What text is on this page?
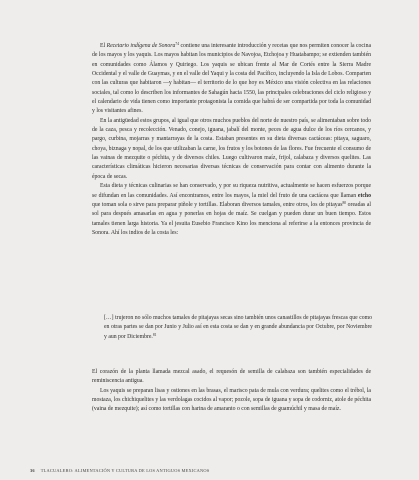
El Recetario indígena de Sonora$^{74}$ contiene una interesante introducción y recetas que nos permiten conocer la cocina de los mayos y los yaquis. Los mayos habitan los municipios de Navojoa, Etchojoa y Huatabampo; se extienden también en comunidades como Álamos y Quiriego. Los yaquis se ubican frente al Mar de Cortés entre la Sierra Madre Occidental y el valle de Guaymas, y en el valle del Yaqui y la costa del Pacífico, incluyendo la Isla de Lobos. Comparten con las culturas que habitaron —y habitan— el territorio de lo que hoy es México una visión colectiva en las relaciones sociales, tal como lo describen los informantes de Sahagún hacia 1550, las principales celebraciones del ciclo religioso y el calendario de vida tienen como importante protagonista la comida que habrá de ser compartida por toda la comunidad y los visitantes afines.

En la antigüedad estos grupos, al igual que otros muchos pueblos del norte de nuestro país, se alimentaban sobre todo de la caza, pesca y recolección. Venado, conejo, iguana, jabalí del monte, peces de agua dulce de los ríos cercanos, y pargo, curbina, mojarras y mantarrayas de la costa. Estaban presentes en su dieta diversas cactáceas: pitaya, saguaro, choya, biznaga y nopal, de los que utilizaban la carne, los frutos y los botones de las flores. Fue frecuente el consumo de las vainas de mezquite o péchita, y de diversos chiles. Luego cultivaron maíz, frijol, calabaza y diversos quelites. Las características climáticas hicieron necesarias diversas técnicas de conservación para contar con alimento durante la época de secas.

Esta dieta y técnicas culinarias se han conservado, y por su riqueza nutritiva, actualmente se hacen esfuerzos porque se difundan en las comunidades. Así encontramos, entre los mayos, la miel del fruto de una cactácea que llaman etcho que toman sola o sirve para preparar piñole y tortillas. Elaboran diversos tamales, entre otros, los de pitayas$^{80}$ oreadas al sol para después amasarlas en agua y ponerlas en hojas de maíz. Se cuelgan y pueden durar un buen tiempo. Estos tamales tienen larga historia. Ya el jesuita Eusebio Francisco Kino los menciona al referirse a la entonces provincia de Sonora. Ahí los indios de la costa les:

[…] trujeron no sólo muchos tamales de pitajayas secas sino también unos canastillos de pitajayas frescas que como en otras partes se dan por Junio y Julio así en esta costa se dan y en grande abundancia por Octubre, por Noviembre y aun por Diciembre.$^{81}$

El corazón de la planta llamada mezcal asado, el requesón de semilla de calabaza son también especialidades de reminiscencia antigua.

Los yaquis se preparan lisas y ostiones en las brasas, el marisco pata de mula con verdura; quelites como el trébol, la mostaza, los chichiquelites y las verdolagas cocidos al vapor; pozole, sopa de iguana y sopa de codorniz, atole de péchita (vaina de mezquite); así como tortillas con harina de amaranto o con semillas de guamúchil y masa de maíz.

36 TLACUALERO: ALIMENTACIÓN Y CULTURA DE LOS ANTIGUOS MEXICANOS
